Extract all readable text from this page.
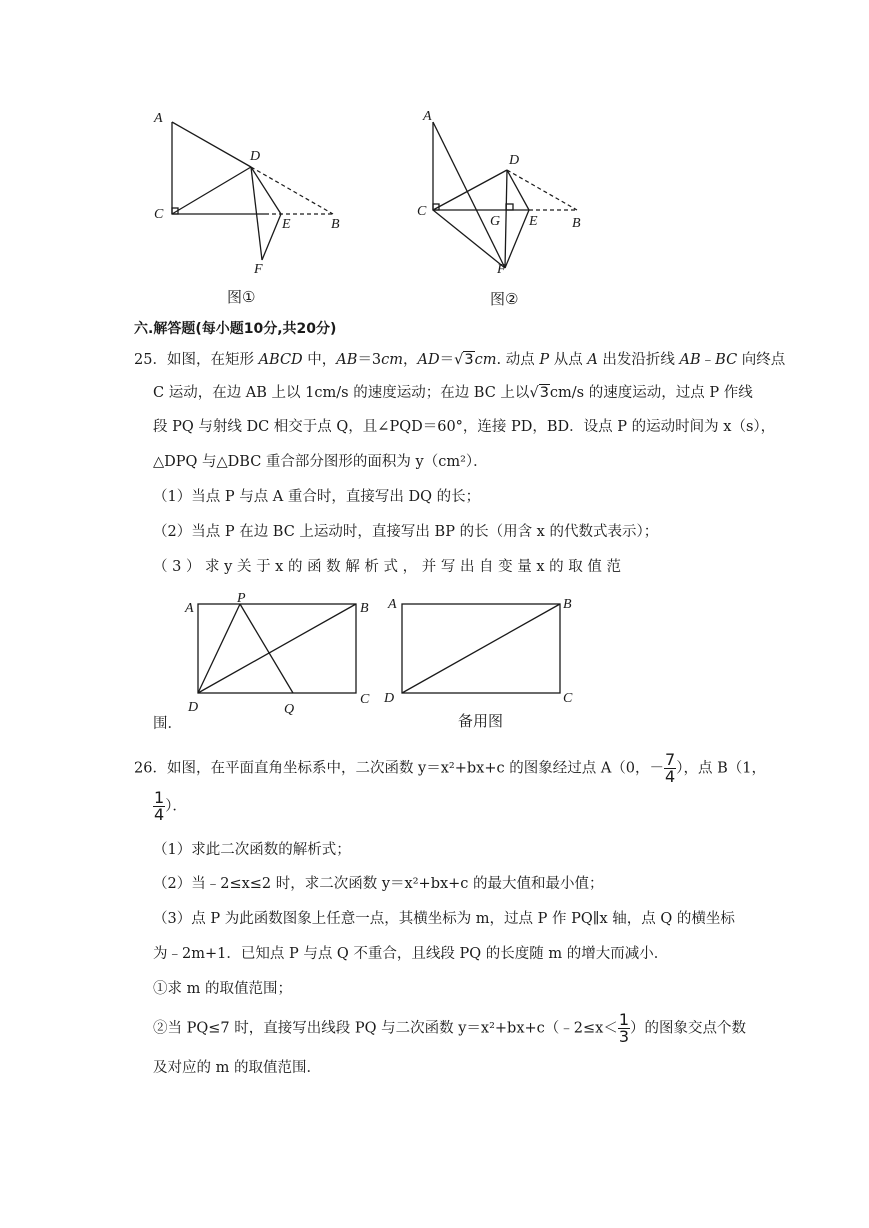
A
C
D
E	B
F
图①
A
C
D
G E B
F
图②
六.解答题(每小题10分,共20分)
25．如图，在矩形 ABCD 中，AB＝3cm，AD＝√3cm. 动点 P 从点 A 出发沿折线 AB﹣BC 向终点
C 运动，在边 AB 上以 1cm/s 的速度运动；在边 BC 上以√3cm/s 的速度运动，过点 P 作线
段 PQ 与射线 DC 相交于点 Q，且∠PQD＝60°，连接 PD，BD．设点 P 的运动时间为 x（s），
△DPQ 与△DBC 重合部分图形的面积为 y（cm²）．
（1）当点 P 与点 A 重合时，直接写出 DQ 的长；
（2）当点 P 在边 BC 上运动时，直接写出 BP 的长（用含 x 的代数式表示）；
（ 3 ） 求 y 关 于 x 的 函 数 解 析 式 ， 并 写 出 自 变 量 x 的 取 值 范
A
P
B
D	Q
C
A	B
D	C
备用图
围．
26．如图，在平面直角坐标系中，二次函数 y＝x²+bx+c 的图象经过点 A（0，－ $\frac{7}{4}$ ），点 B（1，
$\frac{1}{4}$ ）．
（1）求此二次函数的解析式；
（2）当﹣2≤x≤2 时，求二次函数 y＝x²+bx+c 的最大值和最小值；
（3）点 P 为此函数图象上任意一点，其横坐标为 m，过点 P 作 PQ∥x 轴，点 Q 的横坐标
为﹣2m+1．已知点 P 与点 Q 不重合，且线段 PQ 的长度随 m 的增大而减小．
①求 m 的取值范围；
②当 PQ≤7 时，直接写出线段 PQ 与二次函数 y＝x²+bx+c（﹣2≤x＜ $\frac{1}{3}$ ）的图象交点个数
及对应的 m 的取值范围．
